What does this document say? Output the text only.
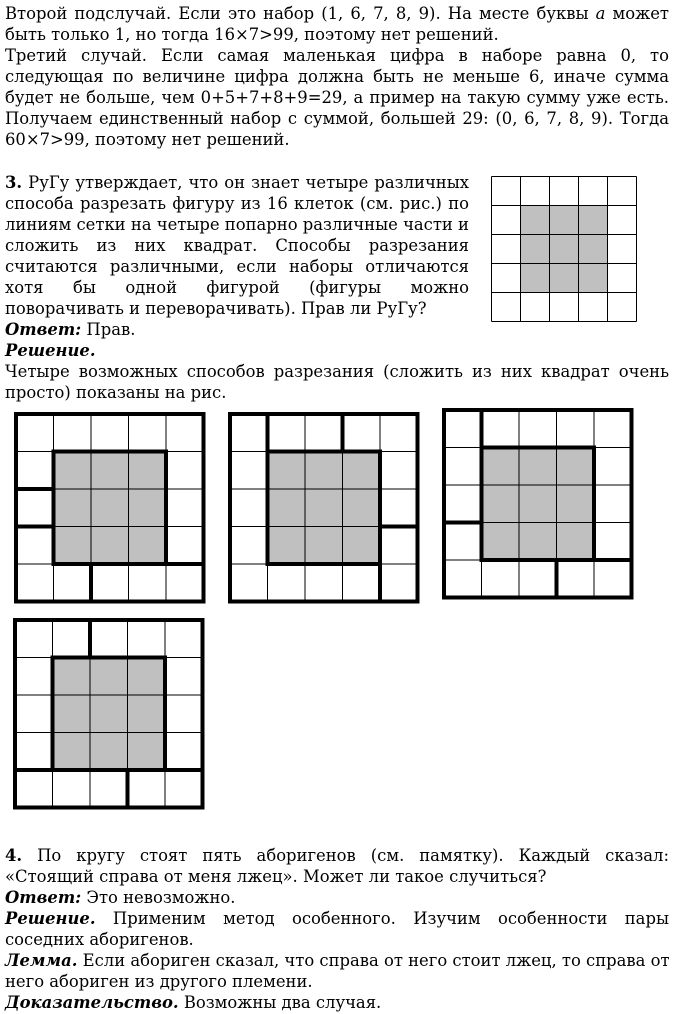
Второй подслучай. Если это набор (1, 6, 7, 8, 9). На месте буквы a может
быть только 1, но тогда 16×7>99, поэтому нет решений.
Третий случай. Если самая маленькая цифра в наборе равна 0, то
следующая по величине цифра должна быть не меньше 6, иначе сумма
будет не больше, чем 0+5+7+8+9=29, а пример на такую сумму уже есть.
Получаем единственный набор с суммой, большей 29: (0, 6, 7, 8, 9). Тогда
60×7>99, поэтому нет решений.
3. РуГу утверждает, что он знает четыре различных
способа разрезать фигуру из 16 клеток (см. рис.) по
линиям сетки на четыре попарно различные части и
сложить из них квадрат. Способы разрезания
считаются различными, если наборы отличаются
хотя бы одной фигурой (фигуры можно
поворачивать и переворачивать). Прав ли РуГу?
Ответ: Прав.
Решение.
Четыре возможных способов разрезания (сложить из них квадрат очень
просто) показаны на рис.
4. По кругу стоят пять аборигенов (см. памятку). Каждый сказал:
«Стоящий справа от меня лжец». Может ли такое случиться?
Ответ: Это невозможно.
Решение. Применим метод особенного. Изучим особенности пары
соседних аборигенов.
Лемма. Если абориген сказал, что справа от него стоит лжец, то справа от
него абориген из другого племени.
Доказательство. Возможны два случая.
